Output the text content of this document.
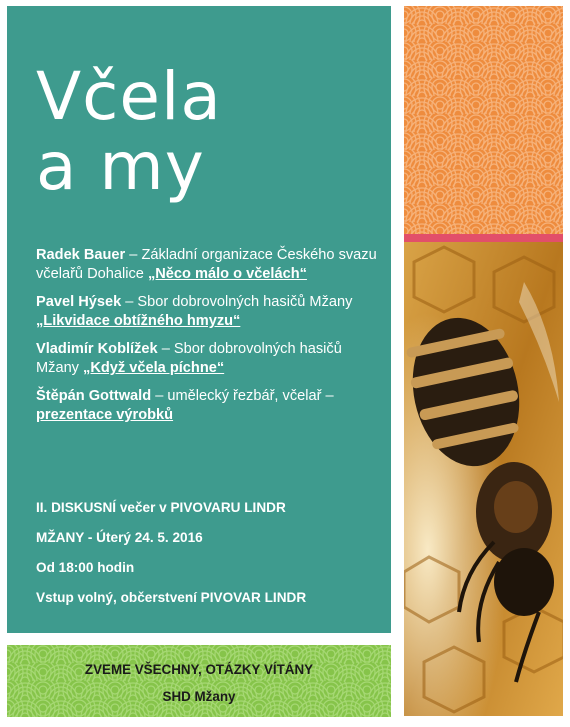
Včela
a my
Radek Bauer – Základní organizace Českého svazu včelařů Dohalice „Něco málo o včelách“
Pavel Hýsek – Sbor dobrovolných hasičů Mžany „Likvidace obtížného hmyzu“
Vladimír Koblížek – Sbor dobrovolných hasičů Mžany „Když včela píchne“
Štěpán Gottwald – umělecký řezbář, včelař – prezentace výrobků
II. DISKUSNÍ večer v PIVOVARU LINDR
MŽANY - Úterý 24. 5. 2016
Od 18:00 hodin
Vstup volný, občerstvení PIVOVAR LINDR
ZVEME VŠECHNY, OTÁZKY VÍTÁNY
SHD Mžany
